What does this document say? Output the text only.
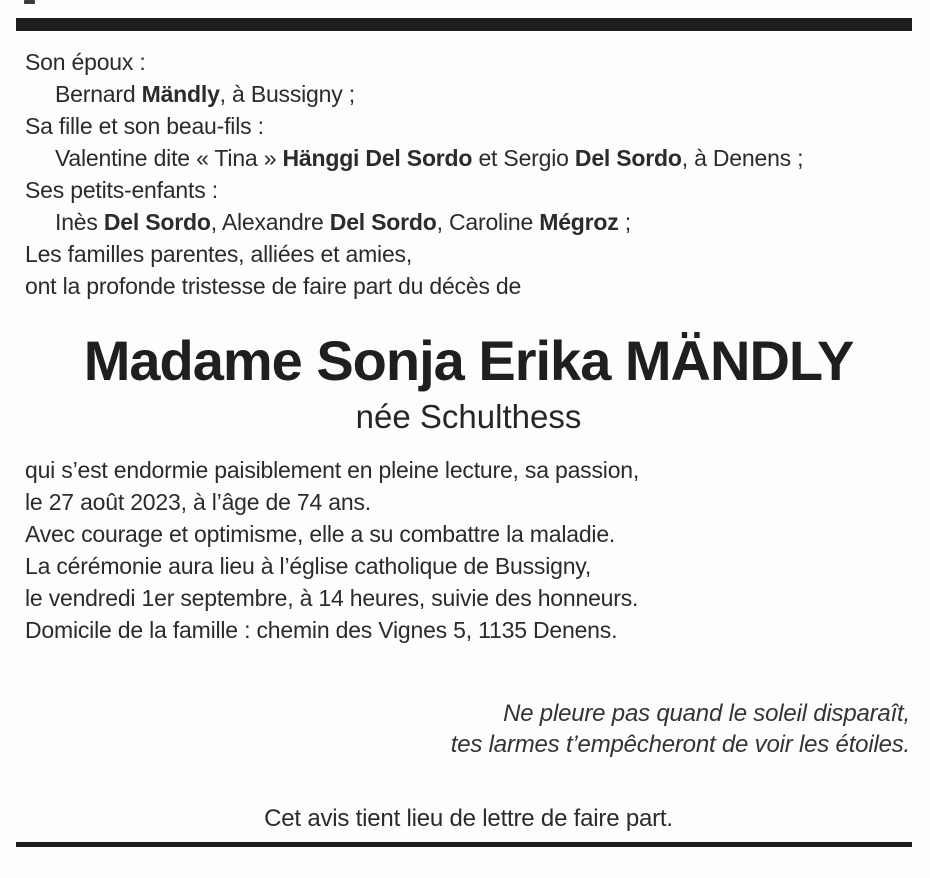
Son époux :

Bernard Mändly, à Bussigny ;

Sa fille et son beau-fils :

Valentine dite « Tina » Hänggi Del Sordo et Sergio Del Sordo, à Denens ;

Ses petits-enfants :

Inès Del Sordo, Alexandre Del Sordo, Caroline Mégroz ;

Les familles parentes, alliées et amies,

ont la profonde tristesse de faire part du décès de

Madame Sonja Erika MÄNDLY

née Schulthess

qui s’est endormie paisiblement en pleine lecture, sa passion,

le 27 août 2023, à l’âge de 74 ans.

Avec courage et optimisme, elle a su combattre la maladie.

La cérémonie aura lieu à l’église catholique de Bussigny,

le vendredi 1er septembre, à 14 heures, suivie des honneurs.

Domicile de la famille : chemin des Vignes 5, 1135 Denens.

Ne pleure pas quand le soleil disparaît,

tes larmes t’empêcheront de voir les étoiles.

Cet avis tient lieu de lettre de faire part.
